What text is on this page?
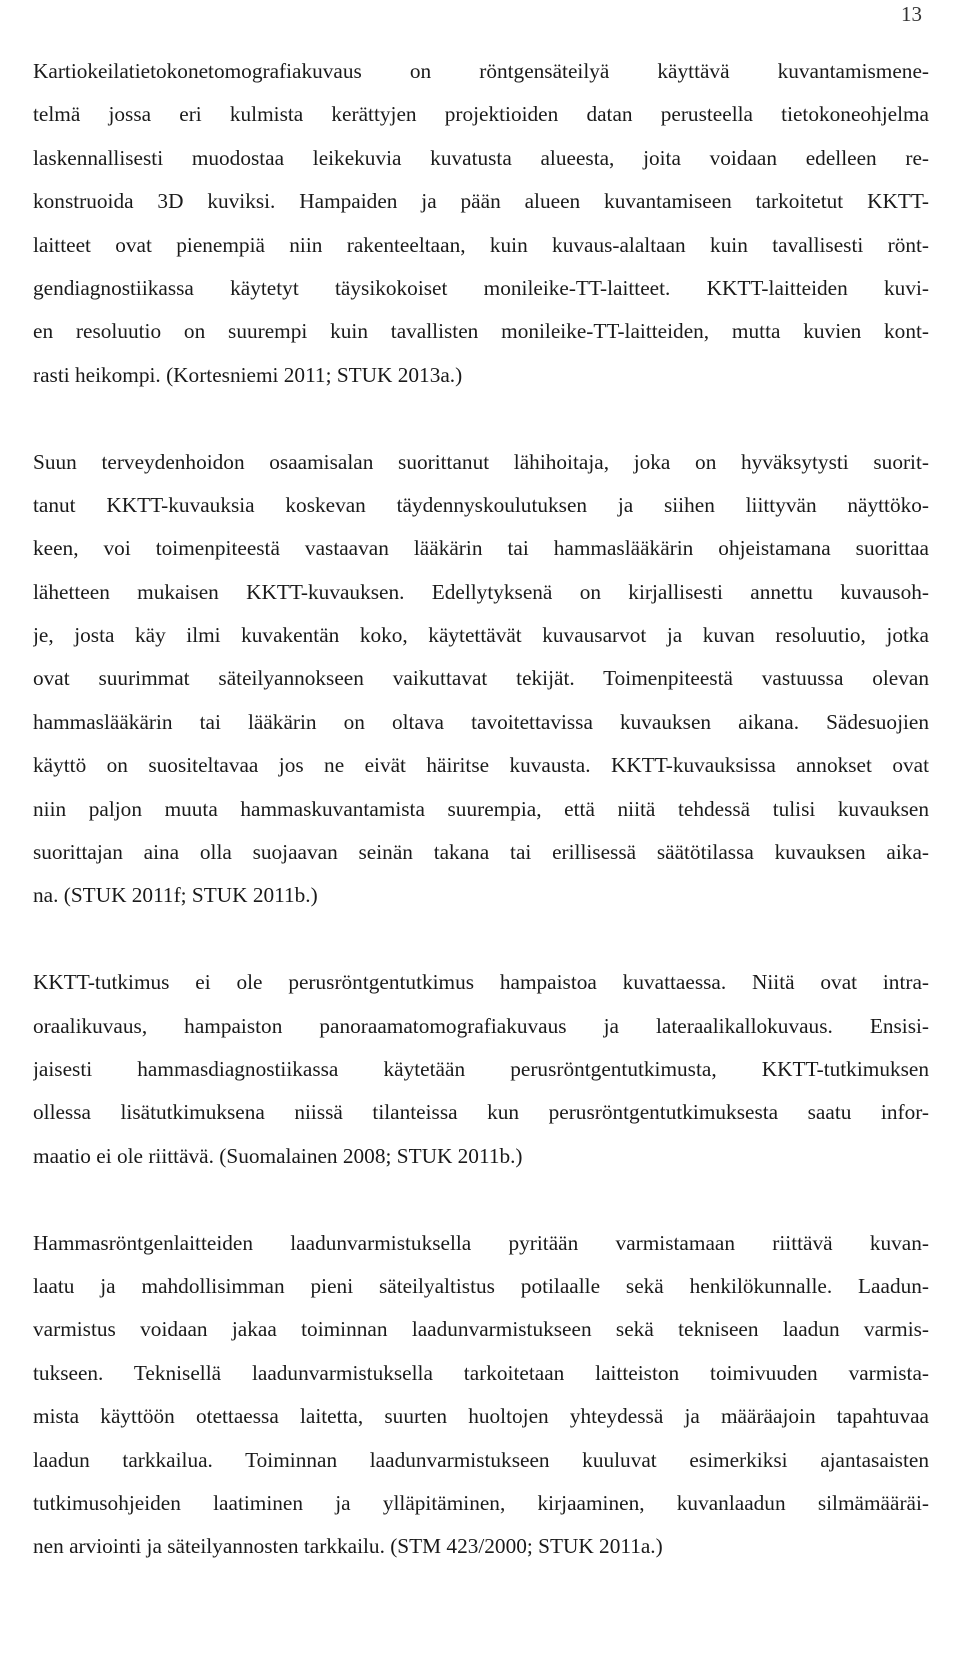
13
Kartiokeilatietokonetomografiakuvaus on röntgensäteilyä käyttävä kuvantamismene-
telmä jossa eri kulmista kerättyjen projektioiden datan perusteella tietokoneohjelma
laskennallisesti muodostaa leikekuvia kuvatusta alueesta, joita voidaan edelleen re-
konstruoida 3D kuviksi. Hampaiden ja pään alueen kuvantamiseen tarkoitetut KKTT-
laitteet ovat pienempiä niin rakenteeltaan, kuin kuvaus-alaltaan kuin tavallisesti rönt-
gendiagnostiikassa käytetyt täysikokoiset monileike-TT-laitteet. KKTT-laitteiden kuvi-
en resoluutio on suurempi kuin tavallisten monileike-TT-laitteiden, mutta kuvien kont-
rasti heikompi. (Kortesniemi 2011; STUK 2013a.)
Suun terveydenhoidon osaamisalan suorittanut lähihoitaja, joka on hyväksytysti suorit-
tanut KKTT-kuvauksia koskevan täydennyskoulutuksen ja siihen liittyvän näyttöko-
keen, voi toimenpiteestä vastaavan lääkärin tai hammaslääkärin ohjeistamana suorittaa
lähetteen mukaisen KKTT-kuvauksen. Edellytyksenä on kirjallisesti annettu kuvausoh-
je, josta käy ilmi kuvakentän koko, käytettävät kuvausarvot ja kuvan resoluutio, jotka
ovat suurimmat säteilyannokseen vaikuttavat tekijät. Toimenpiteestä vastuussa olevan
hammaslääkärin tai lääkärin on oltava tavoitettavissa kuvauksen aikana. Sädesuojien
käyttö on suositeltavaa jos ne eivät häiritse kuvausta. KKTT-kuvauksissa annokset ovat
niin paljon muuta hammaskuvantamista suurempia, että niitä tehdessä tulisi kuvauksen
suorittajan aina olla suojaavan seinän takana tai erillisessä säätötilassa kuvauksen aika-
na. (STUK 2011f; STUK 2011b.)
KKTT-tutkimus ei ole perusröntgentutkimus hampaistoa kuvattaessa. Niitä ovat intra-
oraalikuvaus, hampaiston panoraamatomografiakuvaus ja lateraalikallokuvaus. Ensisi-
jaisesti hammasdiagnostiikassa käytetään perusröntgentutkimusta, KKTT-tutkimuksen
ollessa lisätutkimuksena niissä tilanteissa kun perusröntgentutkimuksesta saatu infor-
maatio ei ole riittävä. (Suomalainen 2008; STUK 2011b.)
Hammasröntgenlaitteiden laadunvarmistuksella pyritään varmistamaan riittävä kuvan-
laatu ja mahdollisimman pieni säteilyaltistus potilaalle sekä henkilökunnalle. Laadun-
varmistus voidaan jakaa toiminnan laadunvarmistukseen sekä tekniseen laadun varmis-
tukseen. Teknisellä laadunvarmistuksella tarkoitetaan laitteiston toimivuuden varmista-
mista käyttöön otettaessa laitetta, suurten huoltojen yhteydessä ja määräajoin tapahtuvaa
laadun tarkkailua. Toiminnan laadunvarmistukseen kuuluvat esimerkiksi ajantasaisten
tutkimusohjeiden laatiminen ja ylläpitäminen, kirjaaminen, kuvanlaadun silmämääräi-
nen arviointi ja säteilyannosten tarkkailu. (STM 423/2000; STUK 2011a.)
